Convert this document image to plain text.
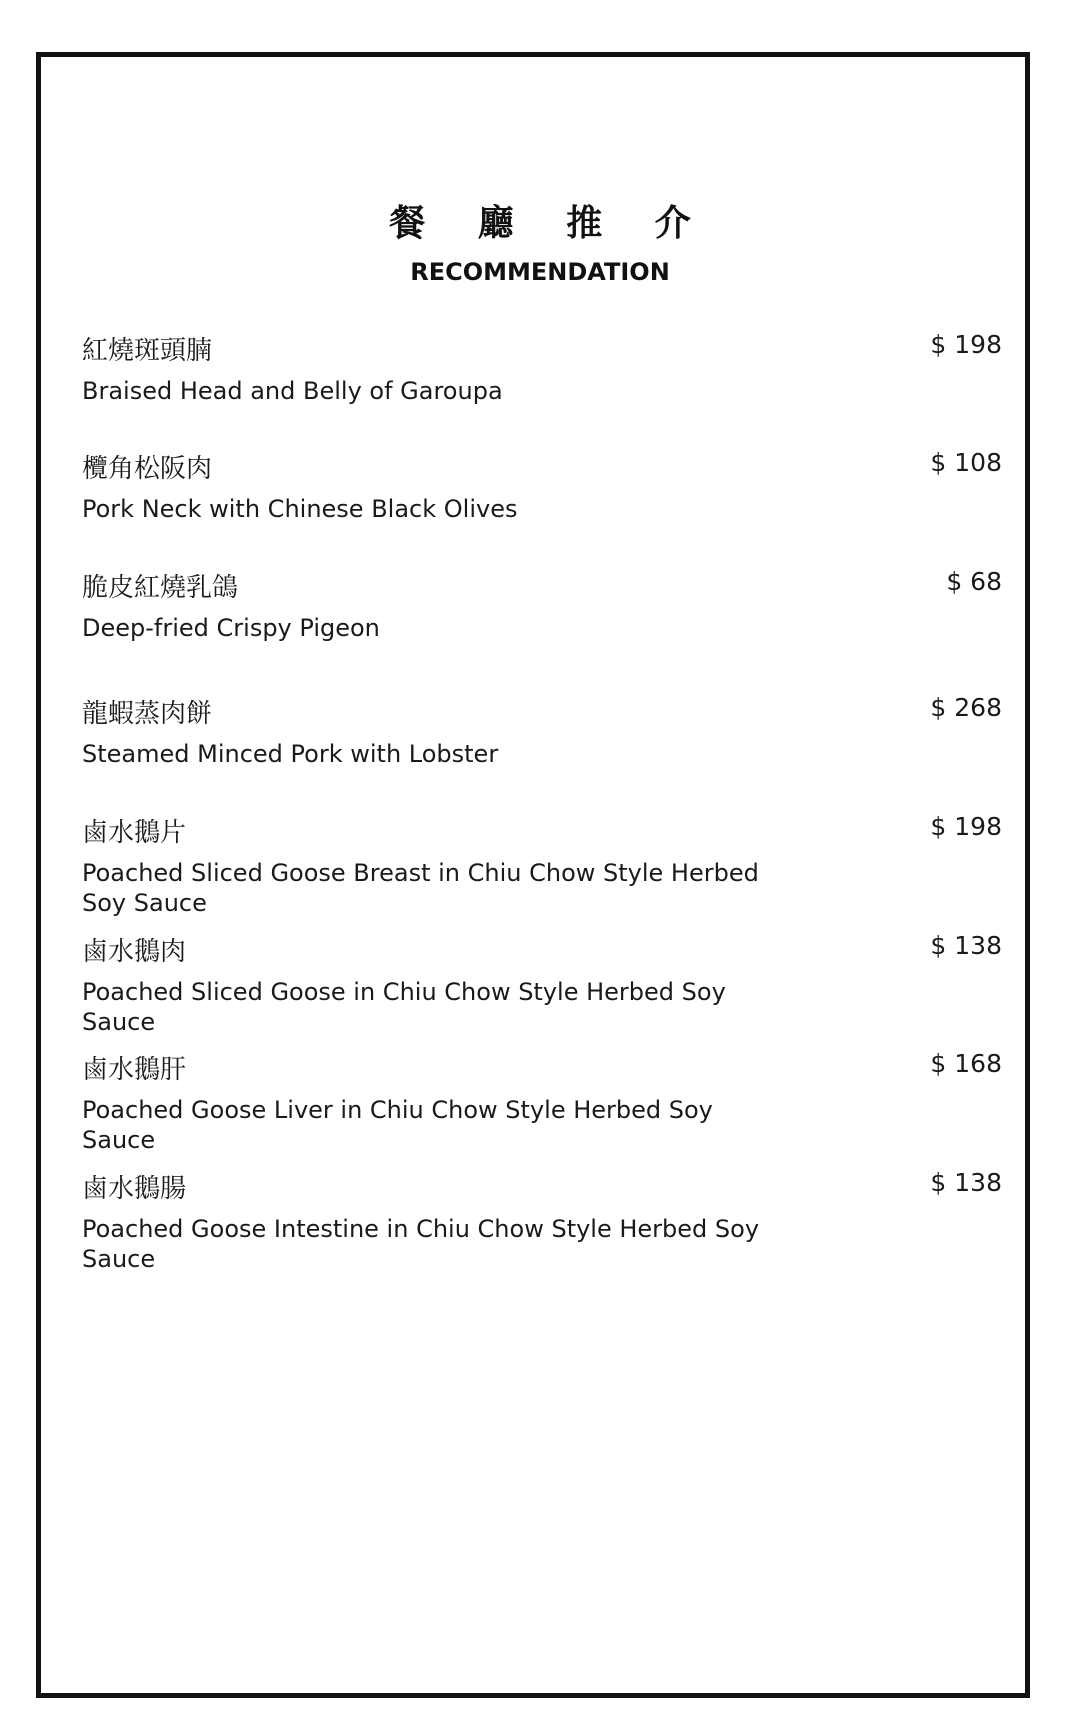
餐 廳 推 介
RECOMMENDATION
紅燒斑頭腩
Braised Head and Belly of Garoupa
$ 198
欖角松阪肉
Pork Neck with Chinese Black Olives
$ 108
脆皮紅燒乳鴿
Deep-fried Crispy Pigeon
$ 68
龍蝦蒸肉餅
Steamed Minced Pork with Lobster
$ 268
鹵水鵝片
Poached Sliced Goose Breast in Chiu Chow Style Herbed Soy Sauce
$ 198
鹵水鵝肉
Poached Sliced Goose in Chiu Chow Style Herbed Soy Sauce
$ 138
鹵水鵝肝
Poached Goose Liver in Chiu Chow Style Herbed Soy Sauce
$ 168
鹵水鵝腸
Poached Goose Intestine in Chiu Chow Style Herbed Soy Sauce
$ 138
